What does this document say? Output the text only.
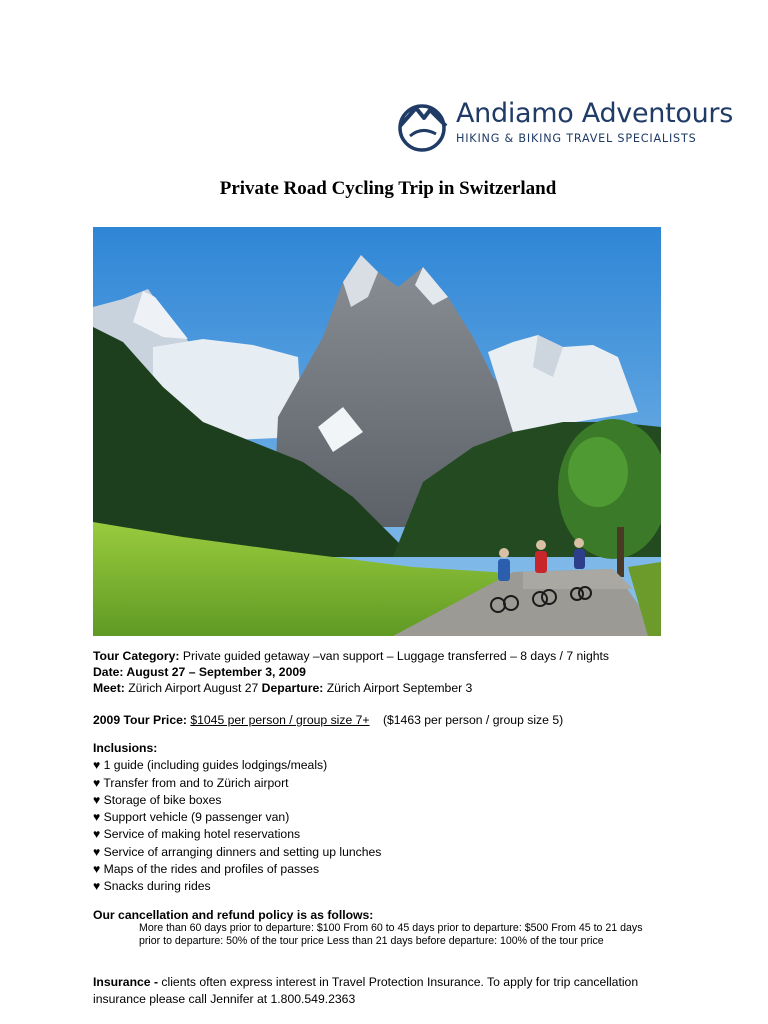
Andiamo Adventours
HIKING & BIKING TRAVEL SPECIALISTS
Private Road Cycling Trip in Switzerland
Tour Category: Private guided getaway –van support – Luggage transferred – 8 days / 7 nights
Date: August 27 – September 3, 2009
Meet: Zürich Airport August 27 Departure: Zürich Airport September 3
2009 Tour Price: $1045 per person / group size 7+ ($1463 per person / group size 5)
Inclusions:
♥ 1 guide (including guides lodgings/meals)
♥ Transfer from and to Zürich airport
♥ Storage of bike boxes
♥ Support vehicle (9 passenger van)
♥ Service of making hotel reservations
♥ Service of arranging dinners and setting up lunches
♥ Maps of the rides and profiles of passes
♥ Snacks during rides
Our cancellation and refund policy is as follows:
More than 60 days prior to departure: $100 From 60 to 45 days prior to departure: $500 From 45 to 21 days prior to departure: 50% of the tour price Less than 21 days before departure: 100% of the tour price
Insurance - clients often express interest in Travel Protection Insurance. To apply for trip cancellation insurance please call Jennifer at 1.800.549.2363
